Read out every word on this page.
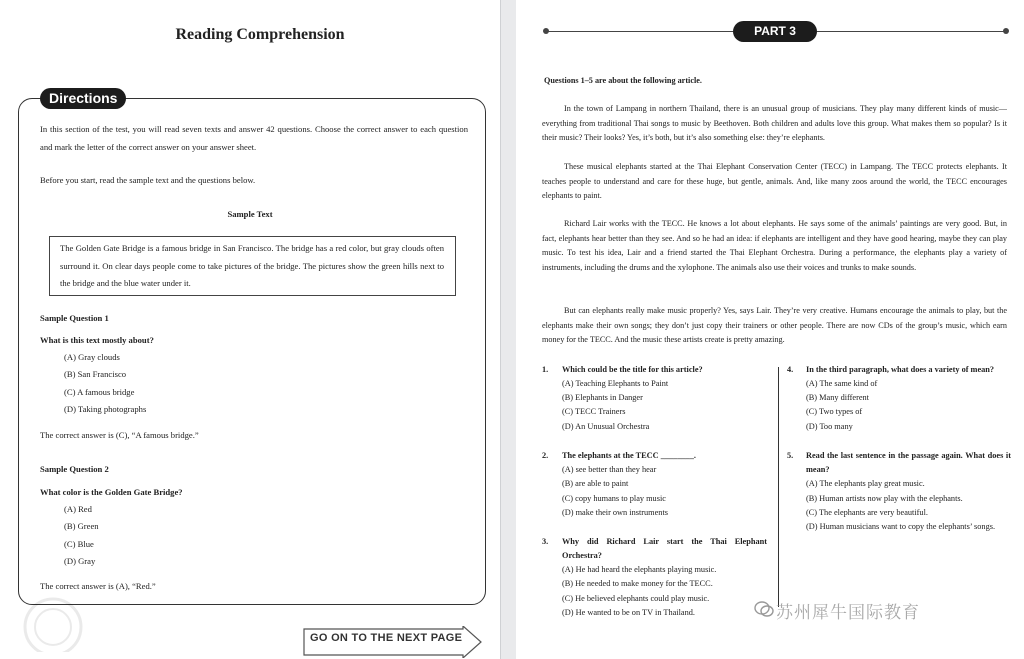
Reading Comprehension
Directions
In this section of the test, you will read seven texts and answer 42 questions. Choose the correct answer to each question and mark the letter of the correct answer on your answer sheet.
Before you start, read the sample text and the questions below.
Sample Text
The Golden Gate Bridge is a famous bridge in San Francisco. The bridge has a red color, but gray clouds often surround it. On clear days people come to take pictures of the bridge. The pictures show the green hills next to the bridge and the blue water under it.
Sample Question 1
What is this text mostly about?
(A) Gray clouds
(B) San Francisco
(C) A famous bridge
(D) Taking photographs
The correct answer is (C), “A famous bridge.”
Sample Question 2
What color is the Golden Gate Bridge?
(A) Red
(B) Green
(C) Blue
(D) Gray
The correct answer is (A), “Red.”
GO ON TO THE NEXT PAGE
PART 3
Questions 1–5 are about the following article.
In the town of Lampang in northern Thailand, there is an unusual group of musicians. They play many different kinds of music—everything from traditional Thai songs to music by Beethoven. Both children and adults love this group. What makes them so popular? Is it their music? Their looks? Yes, it’s both, but it’s also something else: they’re elephants.
These musical elephants started at the Thai Elephant Conservation Center (TECC) in Lampang. The TECC protects elephants. It teaches people to understand and care for these huge, but gentle, animals. And, like many zoos around the world, the TECC encourages elephants to paint.
Richard Lair works with the TECC. He knows a lot about elephants. He says some of the animals’ paintings are very good. But, in fact, elephants hear better than they see. And so he had an idea: if elephants are intelligent and they have good hearing, maybe they can play music. To test his idea, Lair and a friend started the Thai Elephant Orchestra. During a performance, the elephants play a variety of instruments, including the drums and the xylophone. The animals also use their voices and trunks to make sounds.
But can elephants really make music properly? Yes, says Lair. They’re very creative. Humans encourage the animals to play, but the elephants make their own songs; they don’t just copy their trainers or other people. There are now CDs of the group’s music, which earn money for the TECC. And the music these artists create is pretty amazing.
1. Which could be the title for this article?
(A) Teaching Elephants to Paint
(B) Elephants in Danger
(C) TECC Trainers
(D) An Unusual Orchestra
2. The elephants at the TECC ________.
(A) see better than they hear
(B) are able to paint
(C) copy humans to play music
(D) make their own instruments
3. Why did Richard Lair start the Thai Elephant Orchestra?
(A) He had heard the elephants playing music.
(B) He needed to make money for the TECC.
(C) He believed elephants could play music.
(D) He wanted to be on TV in Thailand.
4. In the third paragraph, what does a variety of mean?
(A) The same kind of
(B) Many different
(C) Two types of
(D) Too many
5. Read the last sentence in the passage again. What does it mean?
(A) The elephants play great music.
(B) Human artists now play with the elephants.
(C) The elephants are very beautiful.
(D) Human musicians want to copy the elephants’ songs.
苏州犀牛国际教育
